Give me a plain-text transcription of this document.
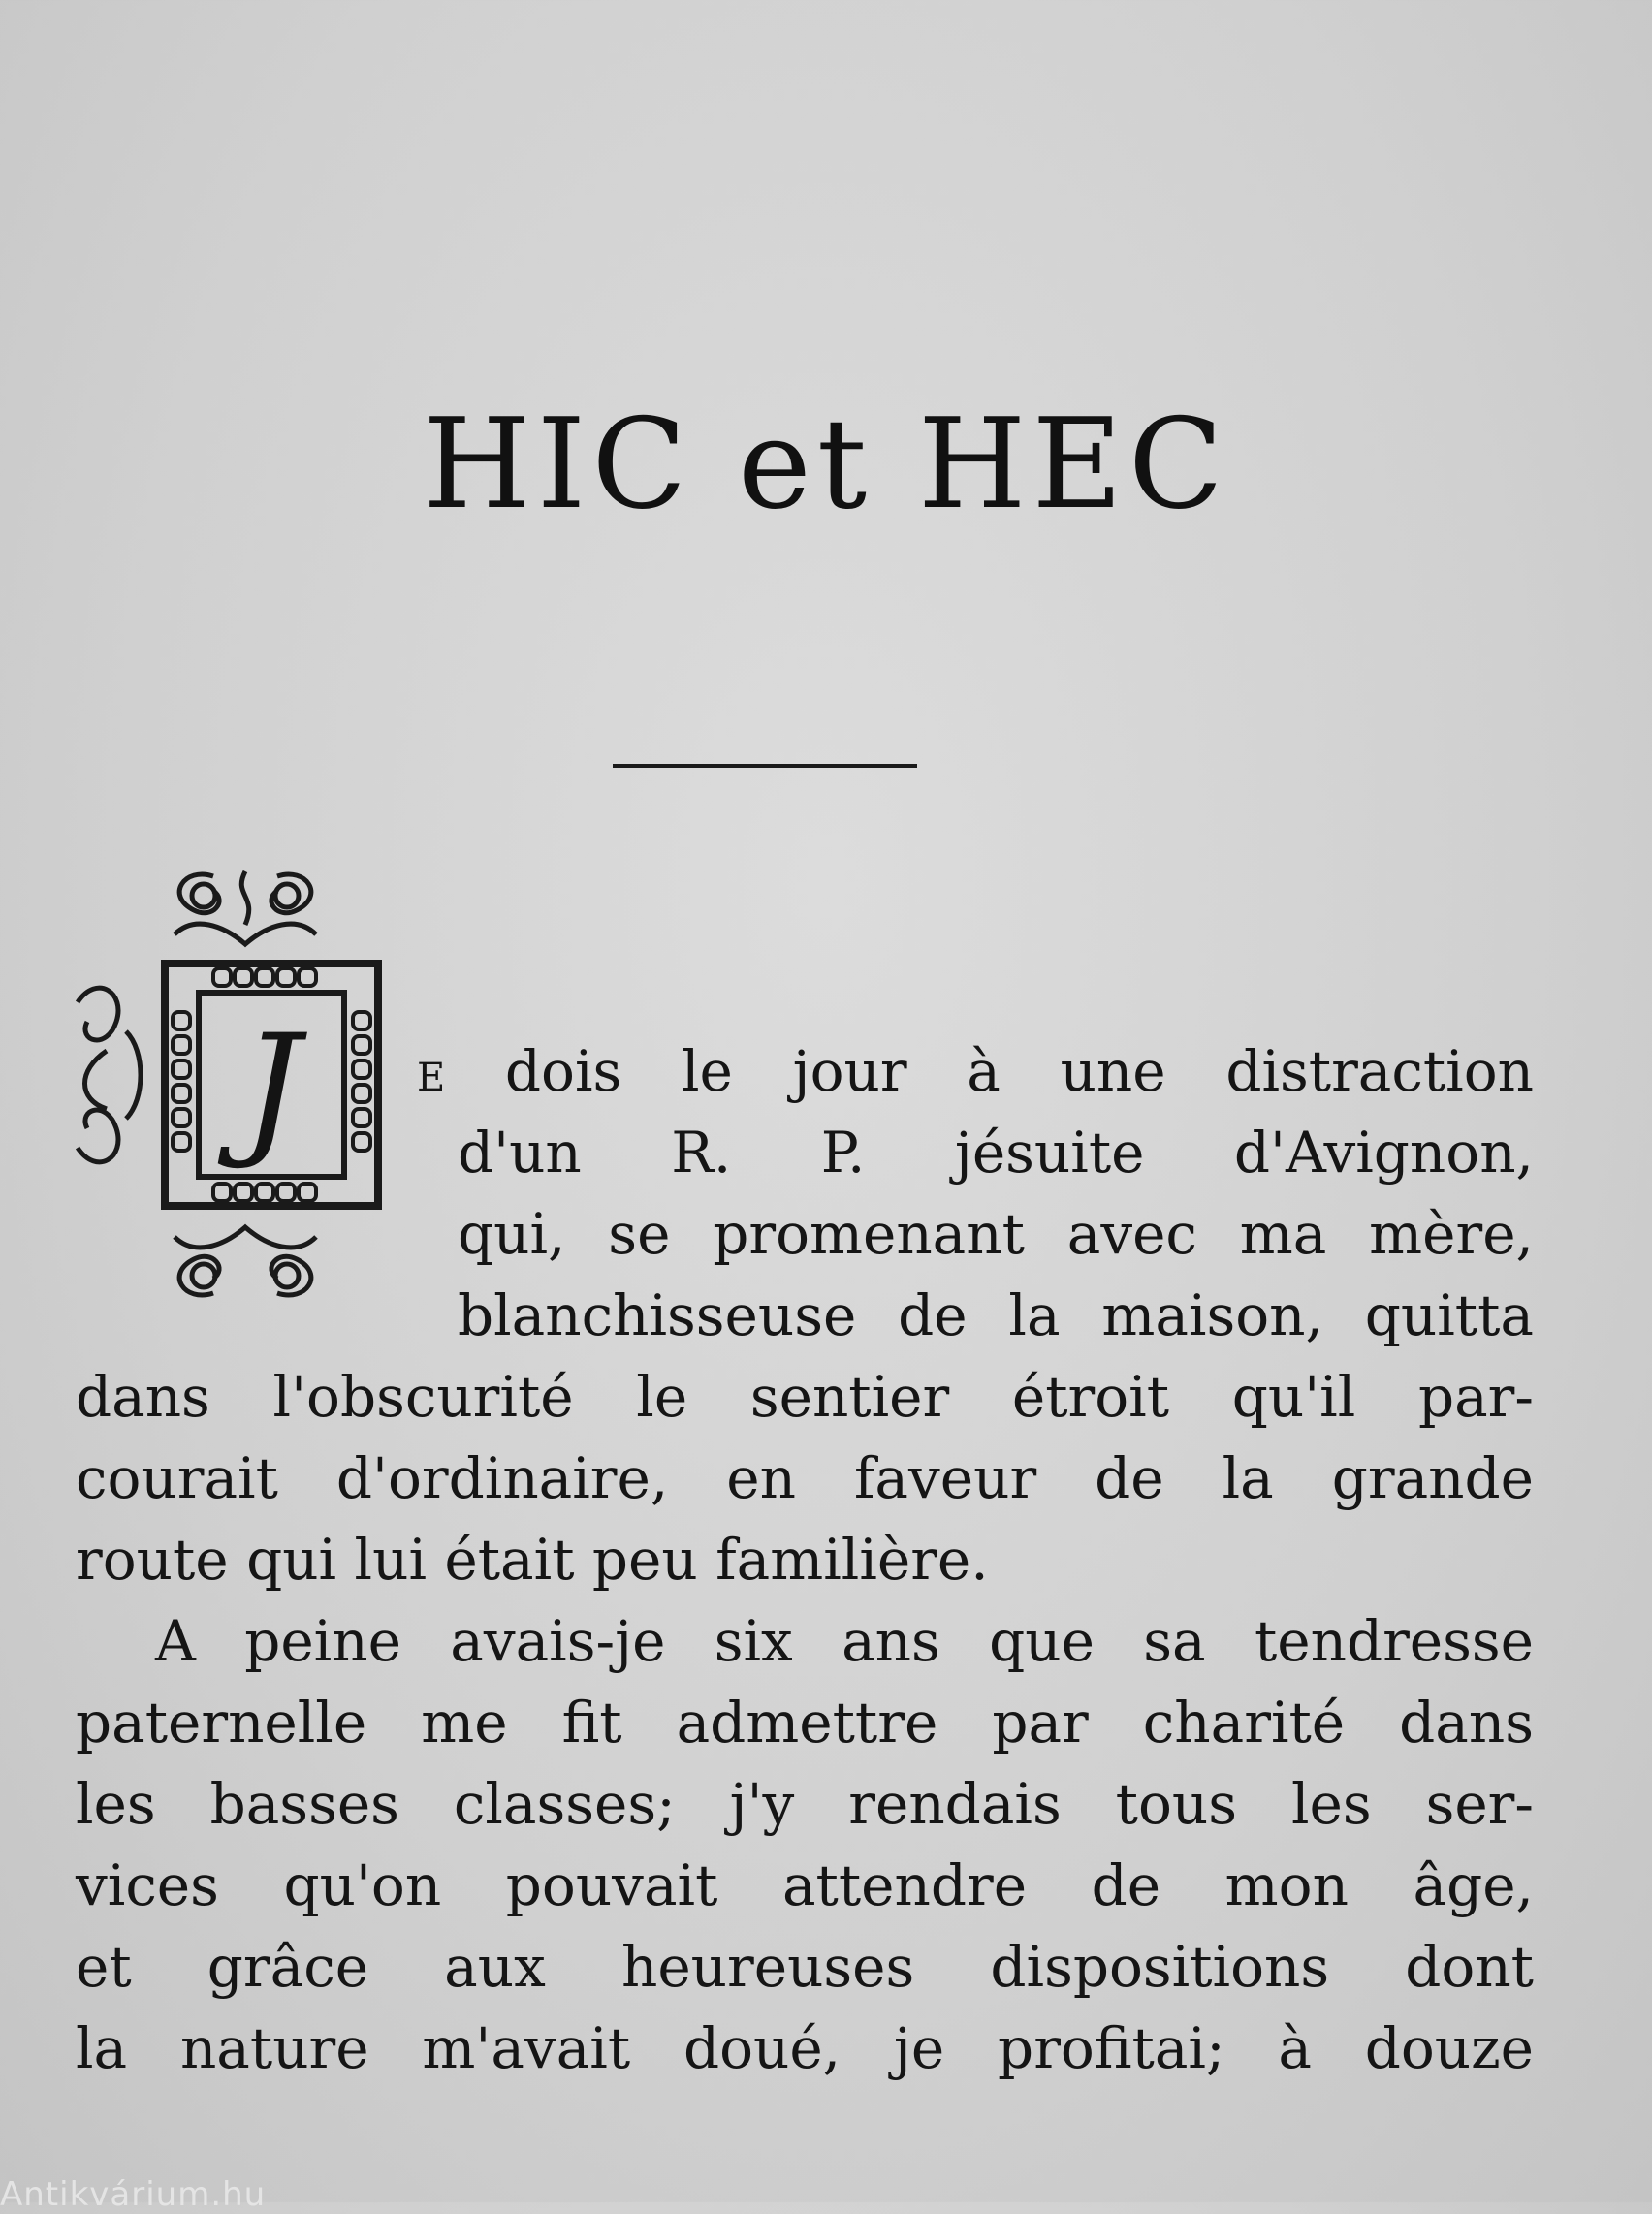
HIC et HEC
J	E dois le jour à une distraction
d'un R. P. jésuite d'Avignon,
qui, se promenant avec ma mère,
blanchisseuse de la maison, quitta
dans l'obscurité le sentier étroit qu'il par-
courait d'ordinaire, en faveur de la grande
route qui lui était peu familière.
A peine avais-je six ans que sa tendresse
paternelle me fit admettre par charité dans
les basses classes; j'y rendais tous les ser-
vices qu'on pouvait attendre de mon âge,
et grâce aux heureuses dispositions dont
la nature m'avait doué, je profitai; à douze
Antikvárium.hu
